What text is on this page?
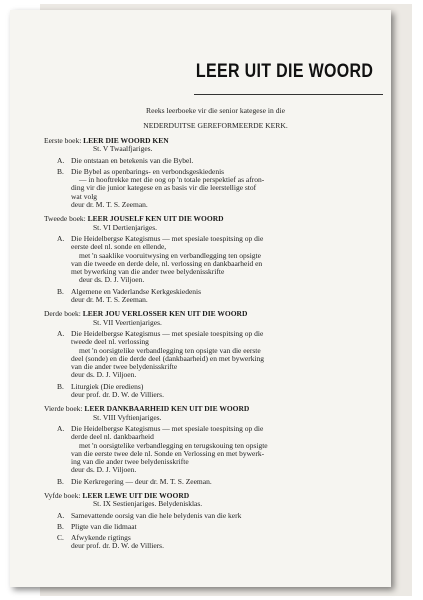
LEER UIT DIE WOORD
Reeks leerboeke vir die senior kategese in die
NEDERDUITSE GEREFORMEERDE KERK.
Eerste boek: LEER DIE WOORD KEN
St. V Twaalfjariges.
A. Die ontstaan en betekenis van die Bybel.
B. Die Bybel as openbarings- en verbondsgeskiedenis
— in hooftrekke met die oog op 'n totale perspektief as afron-
ding vir die junior kategese en as basis vir die leerstellige stof
wat volg
deur dr. M. T. S. Zeeman.
Tweede boek: LEER JOUSELF KEN UIT DIE WOORD
St. VI Dertienjariges.
A. Die Heidelbergse Kategismus — met spesiale toespitsing op die
eerste deel nl. sonde en ellende,
met 'n saaklike vooruitwysing en verbandlegging ten opsigte
van die tweede en derde dele, nl. verlossing en dankbaarheid en
met bywerking van die ander twee belydenisskrifte
deur ds. D. J. Viljoen.
B. Algemene en Vaderlandse Kerkgeskiedenis
deur dr. M. T. S. Zeeman.
Derde boek: LEER JOU VERLOSSER KEN UIT DIE WOORD
St. VII Veertienjariges.
A. Die Heidelbergse Kategismus — met spesiale toespitsing op die
tweede deel nl. verlossing
met 'n oorsigtelike verbandlegging ten opsigte van die eerste
deel (sonde) en die derde deel (dankbaarheid) en met bywerking
van die ander twee belydenisskrifte
deur ds. D. J. Viljoen.
B. Liturgiek (Die erediens)
deur prof. dr. D. W. de Villiers.
Vierde boek: LEER DANKBAARHEID KEN UIT DIE WOORD
St. VIII Vyftienjariges.
A. Die Heidelbergse Kategismus — met spesiale toespitsing op die
derde deel nl. dankbaarheid
met 'n oorsigtelike verbandlegging en terugskouing ten opsigte
van die eerste twee dele nl. Sonde en Verlossing en met bywerk-
ing van die ander twee belydenisskrifte
deur ds. D. J. Viljoen.
B. Die Kerkregering — deur dr. M. T. S. Zeeman.
Vyfde boek: LEER LEWE UIT DIE WOORD
St. IX Sestienjariges. Belydenisklas.
A. Samevattende oorsig van die hele belydenis van die kerk
B. Pligte van die lidmaat
C. Afwykende rigtings
deur prof. dr. D. W. de Villiers.
